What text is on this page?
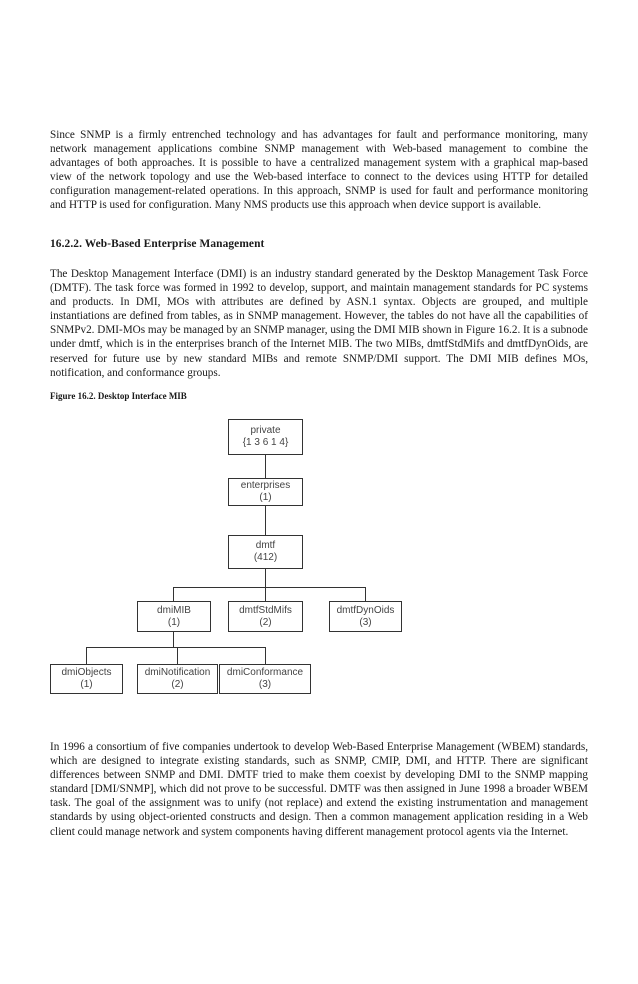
Since SNMP is a firmly entrenched technology and has advantages for fault and performance monitoring, many network management applications combine SNMP management with Web-based management to combine the advantages of both approaches. It is possible to have a centralized management system with a graphical map-based view of the network topology and use the Web-based interface to connect to the devices using HTTP for detailed configuration management-related operations. In this approach, SNMP is used for fault and performance monitoring and HTTP is used for configuration. Many NMS products use this approach when device support is available.

16.2.2. Web-Based Enterprise Management

The Desktop Management Interface (DMI) is an industry standard generated by the Desktop Management Task Force (DMTF). The task force was formed in 1992 to develop, support, and maintain management standards for PC systems and products. In DMI, MOs with attributes are defined by ASN.1 syntax. Objects are grouped, and multiple instantiations are defined from tables, as in SNMP management. However, the tables do not have all the capabilities of SNMPv2. DMI-MOs may be managed by an SNMP manager, using the DMI MIB shown in Figure 16.2. It is a subnode under dmtf, which is in the enterprises branch of the Internet MIB. The two MIBs, dmtfStdMifs and dmtfDynOids, are reserved for future use by new standard MIBs and remote SNMP/DMI support. The DMI MIB defines MOs, notification, and conformance groups.

Figure 16.2. Desktop Interface MIB

private
{1 3 6 1 4}
enterprises
(1)
dmtf
(412)
dmiMIB
(1)
dmtfStdMifs
(2)
dmtfDynOids
(3)
dmiObjects
(1)
dmiNotification
(2)
dmiConformance
(3)

In 1996 a consortium of five companies undertook to develop Web-Based Enterprise Management (WBEM) standards, which are designed to integrate existing standards, such as SNMP, CMIP, DMI, and HTTP. There are significant differences between SNMP and DMI. DMTF tried to make them coexist by developing DMI to the SNMP mapping standard [DMI/SNMP], which did not prove to be successful. DMTF was then assigned in June 1998 a broader WBEM task. The goal of the assignment was to unify (not replace) and extend the existing instrumentation and management standards by using object-oriented constructs and design. Then a common management application residing in a Web client could manage network and system components having different management protocol agents via the Internet.
